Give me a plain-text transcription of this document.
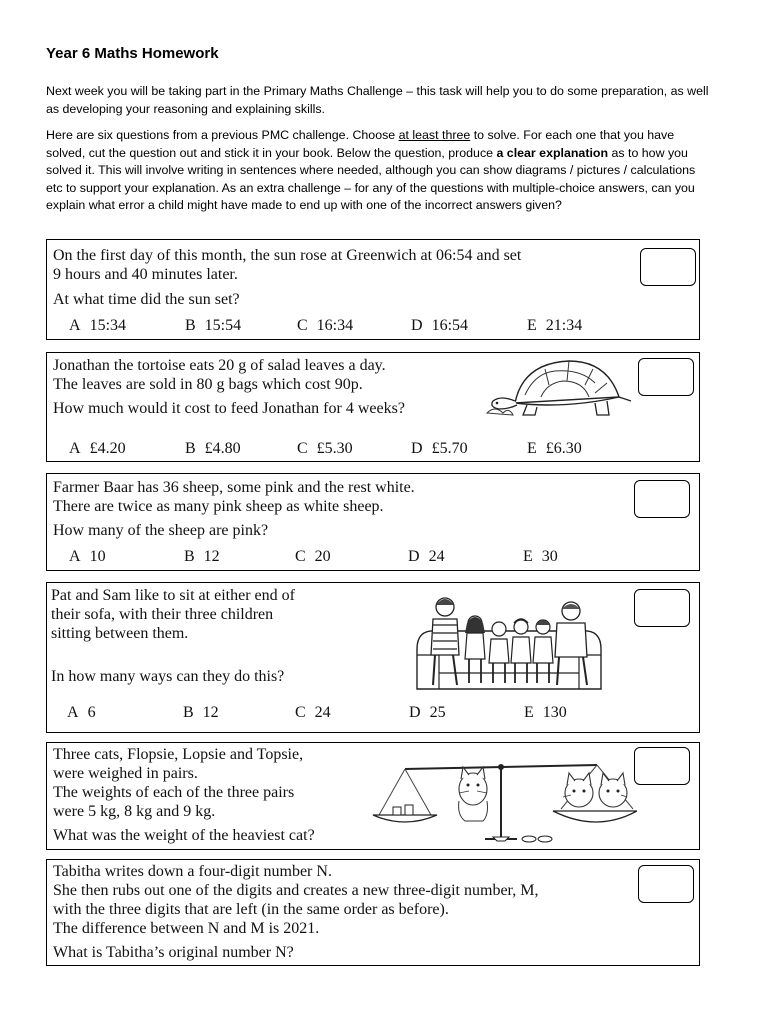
Year 6 Maths Homework

Next week you will be taking part in the Primary Maths Challenge – this task will help you to do some preparation, as well as developing your reasoning and explaining skills.

Here are six questions from a previous PMC challenge. Choose at least three to solve. For each one that you have solved, cut the question out and stick it in your book. Below the question, produce a clear explanation as to how you solved it. This will involve writing in sentences where needed, although you can show diagrams / pictures / calculations etc to support your explanation. As an extra challenge – for any of the questions with multiple-choice answers, can you explain what error a child might have made to end up with one of the incorrect answers given?

On the first day of this month, the sun rose at Greenwich at 06:54 and set
9 hours and 40 minutes later.
At what time did the sun set?
A 15:34	B 15:54	C 16:34	D 16:54	E 21:34
Jonathan the tortoise eats 20 g of salad leaves a day.
The leaves are sold in 80 g bags which cost 90p.
How much would it cost to feed Jonathan for 4 weeks?
A £4.20	B £4.80	C £5.30	D £5.70	E £6.30
Farmer Baar has 36 sheep, some pink and the rest white.
There are twice as many pink sheep as white sheep.
How many of the sheep are pink?
A 10	B 12	C 20	D 24	E 30
Pat and Sam like to sit at either end of
their sofa, with their three children
sitting between them.
In how many ways can they do this?
A 6	B 12	C 24	D 25	E 130
Three cats, Flopsie, Lopsie and Topsie,
were weighed in pairs.
The weights of each of the three pairs
were 5 kg, 8 kg and 9 kg.
What was the weight of the heaviest cat?
Tabitha writes down a four-digit number N.
She then rubs out one of the digits and creates a new three-digit number, M,
with the three digits that are left (in the same order as before).
The difference between N and M is 2021.
What is Tabitha’s original number N?
